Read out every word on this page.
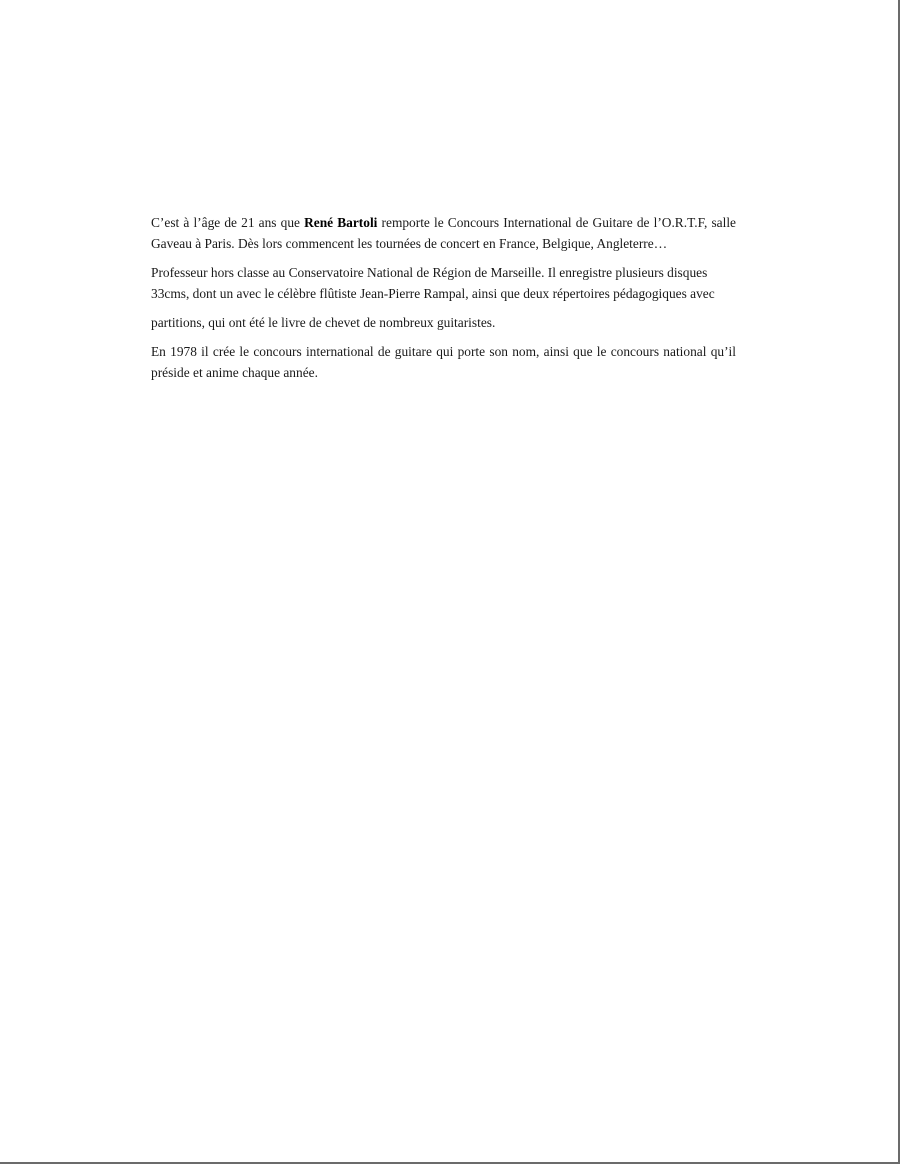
C’est à l’âge de 21 ans que René Bartoli remporte le Concours International de Guitare de l’O.R.T.F, salle Gaveau à Paris. Dès lors commencent les tournées de concert en France, Belgique, Angleterre…

Professeur hors classe au Conservatoire National de Région de Marseille. Il enregistre plusieurs disques 33cms, dont un avec le célèbre flûtiste Jean-Pierre Rampal, ainsi que deux répertoires pédagogiques avec

partitions, qui ont été le livre de chevet de nombreux guitaristes.

En 1978 il crée le concours international de guitare qui porte son nom, ainsi que le concours national qu’il préside et anime chaque année.
